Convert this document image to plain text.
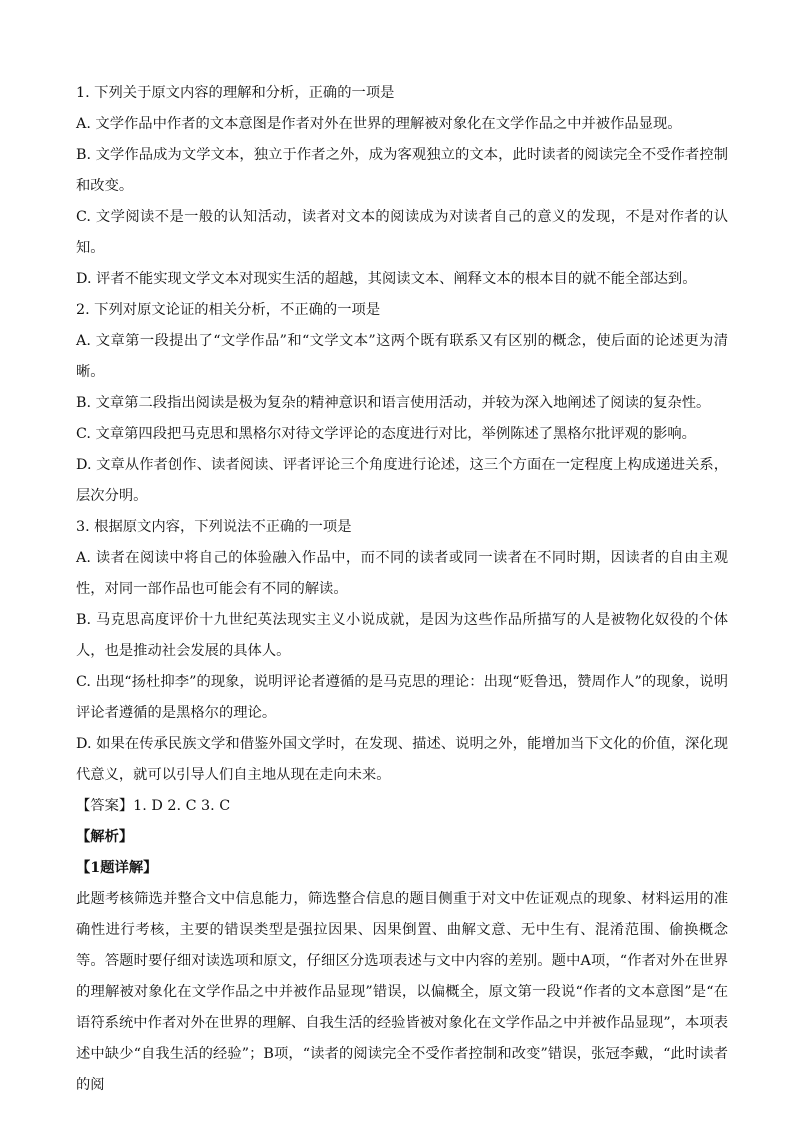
1. 下列关于原文内容的理解和分析，正确的一项是

A. 文学作品中作者的文本意图是作者对外在世界的理解被对象化在文学作品之中并被作品显现。

B. 文学作品成为文学文本，独立于作者之外，成为客观独立的文本，此时读者的阅读完全不受作者控制和改变。

C. 文学阅读不是一般的认知活动，读者对文本的阅读成为对读者自己的意义的发现，不是对作者的认知。

D. 评者不能实现文学文本对现实生活的超越，其阅读文本、阐释文本的根本目的就不能全部达到。

2. 下列对原文论证的相关分析，不正确的一项是

A. 文章第一段提出了“文学作品”和“文学文本”这两个既有联系又有区别的概念，使后面的论述更为清晰。

B. 文章第二段指出阅读是极为复杂的精神意识和语言使用活动，并较为深入地阐述了阅读的复杂性。

C. 文章第四段把马克思和黑格尔对待文学评论的态度进行对比，举例陈述了黑格尔批评观的影响。

D. 文章从作者创作、读者阅读、评者评论三个角度进行论述，这三个方面在一定程度上构成递进关系，层次分明。

3. 根据原文内容，下列说法不正确的一项是

A. 读者在阅读中将自己的体验融入作品中，而不同的读者或同一读者在不同时期，因读者的自由主观性，对同一部作品也可能会有不同的解读。

B. 马克思高度评价十九世纪英法现实主义小说成就，是因为这些作品所描写的人是被物化奴役的个体人，也是推动社会发展的具体人。

C. 出现“扬杜抑李”的现象，说明评论者遵循的是马克思的理论：出现“贬鲁迅，赞周作人”的现象，说明评论者遵循的是黑格尔的理论。

D. 如果在传承民族文学和借鉴外国文学时，在发现、描述、说明之外，能增加当下文化的价值，深化现代意义，就可以引导人们自主地从现在走向未来。

【答案】1. D 2. C 3. C

【解析】

【1题详解】

此题考核筛选并整合文中信息能力，筛选整合信息的题目侧重于对文中佐证观点的现象、材料运用的准确性进行考核，主要的错误类型是强拉因果、因果倒置、曲解文意、无中生有、混淆范围、偷换概念等。答题时要仔细对读选项和原文，仔细区分选项表述与文中内容的差别。题中A项，“作者对外在世界的理解被对象化在文学作品之中并被作品显现”错误，以偏概全，原文第一段说“作者的文本意图”是“在语符系统中作者对外在世界的理解、自我生活的经验皆被对象化在文学作品之中并被作品显现”，本项表述中缺少“自我生活的经验”；B项，“读者的阅读完全不受作者控制和改变”错误，张冠李戴，“此时读者的阅
